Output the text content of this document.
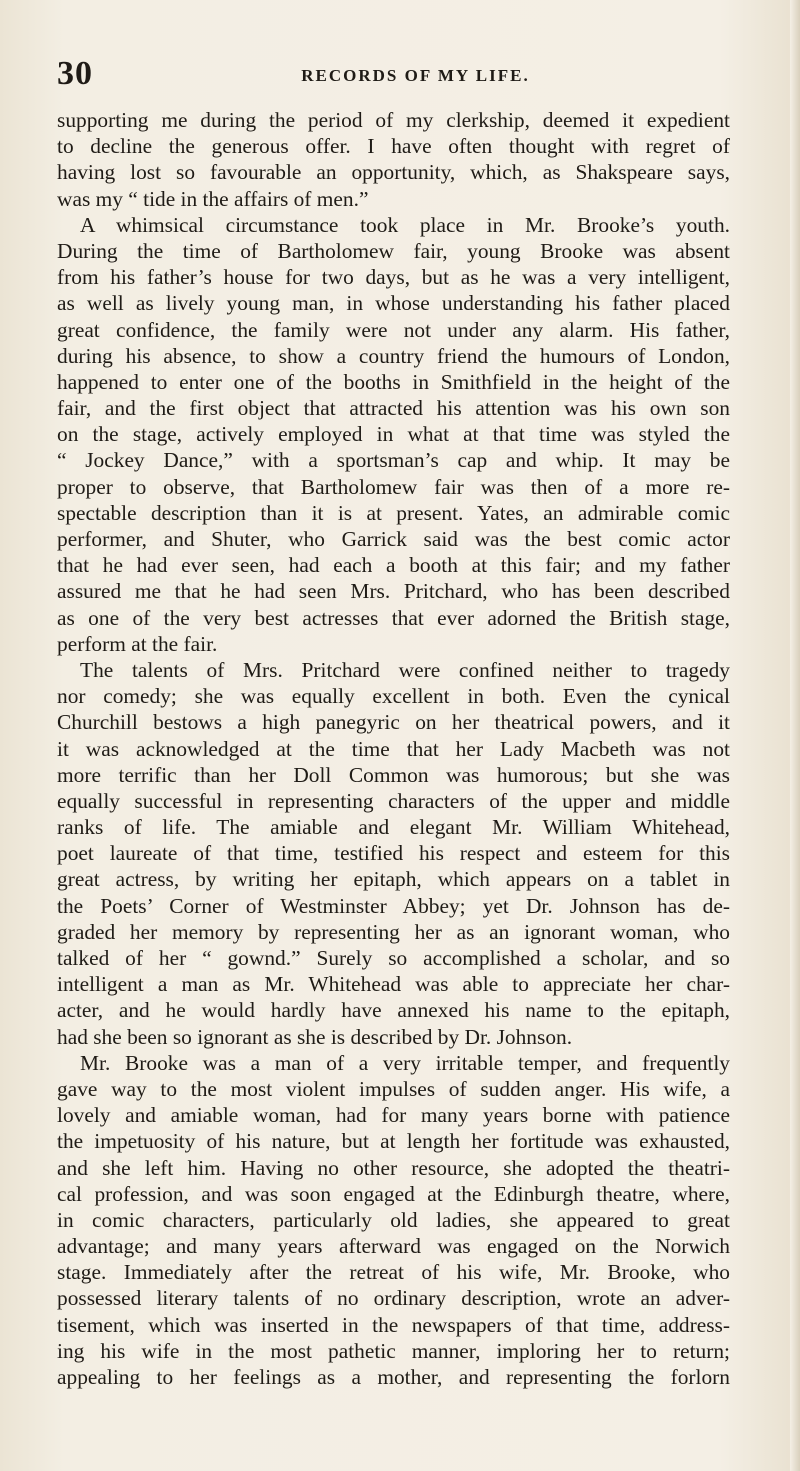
30	RECORDS OF MY LIFE.
supporting me during the period of my clerkship, deemed it expedient
to decline the generous offer. I have often thought with regret of
having lost so favourable an opportunity, which, as Shakspeare says,
was my “ tide in the affairs of men.”
A whimsical circumstance took place in Mr. Brooke’s youth.
During the time of Bartholomew fair, young Brooke was absent
from his father’s house for two days, but as he was a very intelligent,
as well as lively young man, in whose understanding his father placed
great confidence, the family were not under any alarm. His father,
during his absence, to show a country friend the humours of London,
happened to enter one of the booths in Smithfield in the height of the
fair, and the first object that attracted his attention was his own son
on the stage, actively employed in what at that time was styled the
“ Jockey Dance,” with a sportsman’s cap and whip. It may be
proper to observe, that Bartholomew fair was then of a more re-
spectable description than it is at present. Yates, an admirable comic
performer, and Shuter, who Garrick said was the best comic actor
that he had ever seen, had each a booth at this fair; and my father
assured me that he had seen Mrs. Pritchard, who has been described
as one of the very best actresses that ever adorned the British stage,
perform at the fair.
The talents of Mrs. Pritchard were confined neither to tragedy
nor comedy; she was equally excellent in both. Even the cynical
Churchill bestows a high panegyric on her theatrical powers, and it
it was acknowledged at the time that her Lady Macbeth was not
more terrific than her Doll Common was humorous; but she was
equally successful in representing characters of the upper and middle
ranks of life. The amiable and elegant Mr. William Whitehead,
poet laureate of that time, testified his respect and esteem for this
great actress, by writing her epitaph, which appears on a tablet in
the Poets’ Corner of Westminster Abbey; yet Dr. Johnson has de-
graded her memory by representing her as an ignorant woman, who
talked of her “ gownd.” Surely so accomplished a scholar, and so
intelligent a man as Mr. Whitehead was able to appreciate her char-
acter, and he would hardly have annexed his name to the epitaph,
had she been so ignorant as she is described by Dr. Johnson.
Mr. Brooke was a man of a very irritable temper, and frequently
gave way to the most violent impulses of sudden anger. His wife, a
lovely and amiable woman, had for many years borne with patience
the impetuosity of his nature, but at length her fortitude was exhausted,
and she left him. Having no other resource, she adopted the theatri-
cal profession, and was soon engaged at the Edinburgh theatre, where,
in comic characters, particularly old ladies, she appeared to great
advantage; and many years afterward was engaged on the Norwich
stage. Immediately after the retreat of his wife, Mr. Brooke, who
possessed literary talents of no ordinary description, wrote an adver-
tisement, which was inserted in the newspapers of that time, address-
ing his wife in the most pathetic manner, imploring her to return;
appealing to her feelings as a mother, and representing the forlorn
